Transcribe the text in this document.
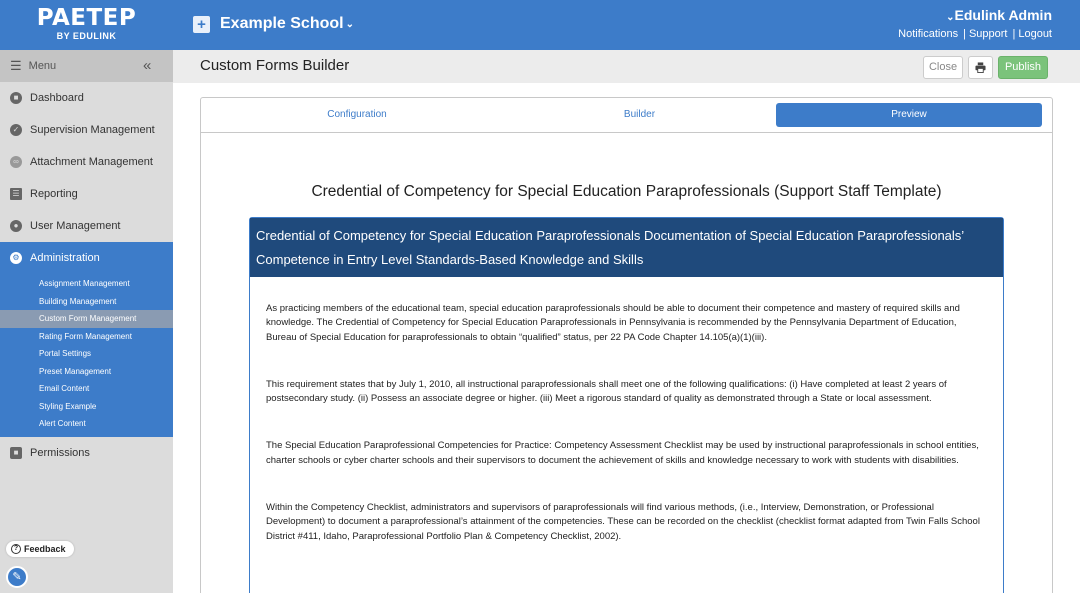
PAETEP
BY EDULINK
+ Example School ⌄
⌄Edulink Admin
Notifications | Support | Logout
☰ Menu	«
■	Dashboard
✓ Supervision Management
∞ Attachment Management
☰ Reporting
●	User Management
⚙ Administration
Assignment Management
Building Management
Custom Form Management
Rating Form Management
Portal Settings
Preset Management
Email Content
Styling Example
Alert Content
■	Permissions
? Feedback
✎
Custom Forms Builder	Close	Publish
Configuration	Builder	Preview
Credential of Competency for Special Education Paraprofessionals (Support Staff Template)
Credential of Competency for Special Education Paraprofessionals Documentation of Special Education Paraprofessionals’
Competence in Entry Level Standards-Based Knowledge and Skills

As practicing members of the educational team, special education paraprofessionals should be able to document their competence and mastery of required skills and knowledge. The Credential of Competency for Special Education Paraprofessionals in Pennsylvania is recommended by the Pennsylvania Department of Education, Bureau of Special Education for paraprofessionals to obtain “qualified” status, per 22 PA Code Chapter 14.105(a)(1)(iii).

This requirement states that by July 1, 2010, all instructional paraprofessionals shall meet one of the following qualifications: (i) Have completed at least 2 years of postsecondary study. (ii) Possess an associate degree or higher. (iii) Meet a rigorous standard of quality as demonstrated through a State or local assessment.

The Special Education Paraprofessional Competencies for Practice: Competency Assessment Checklist may be used by instructional paraprofessionals in school entities, charter schools or cyber charter schools and their supervisors to document the achievement of skills and knowledge necessary to work with students with disabilities.

Within the Competency Checklist, administrators and supervisors of paraprofessionals will find various methods, (i.e., Interview, Demonstration, or Professional Development) to document a paraprofessional’s attainment of the competencies. These can be recorded on the checklist (checklist format adapted from Twin Falls School District #411, Idaho, Paraprofessional Portfolio Plan & Competency Checklist, 2002).
